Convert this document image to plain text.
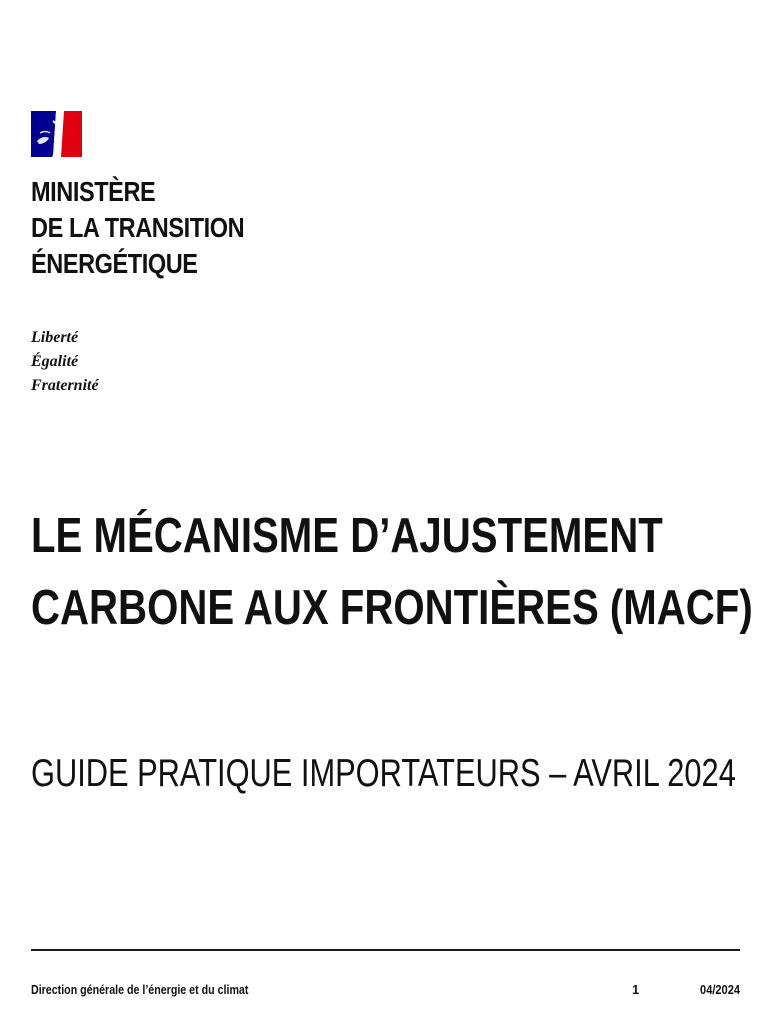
MINISTÈRE
DE LA TRANSITION
ÉNERGÉTIQUE
Liberté
Égalité
Fraternité
LE MÉCANISME D’AJUSTEMENT
CARBONE AUX FRONTIÈRES (MACF)
GUIDE PRATIQUE IMPORTATEURS – AVRIL 2024
Direction générale de l’énergie et du climat	1	04/2024
